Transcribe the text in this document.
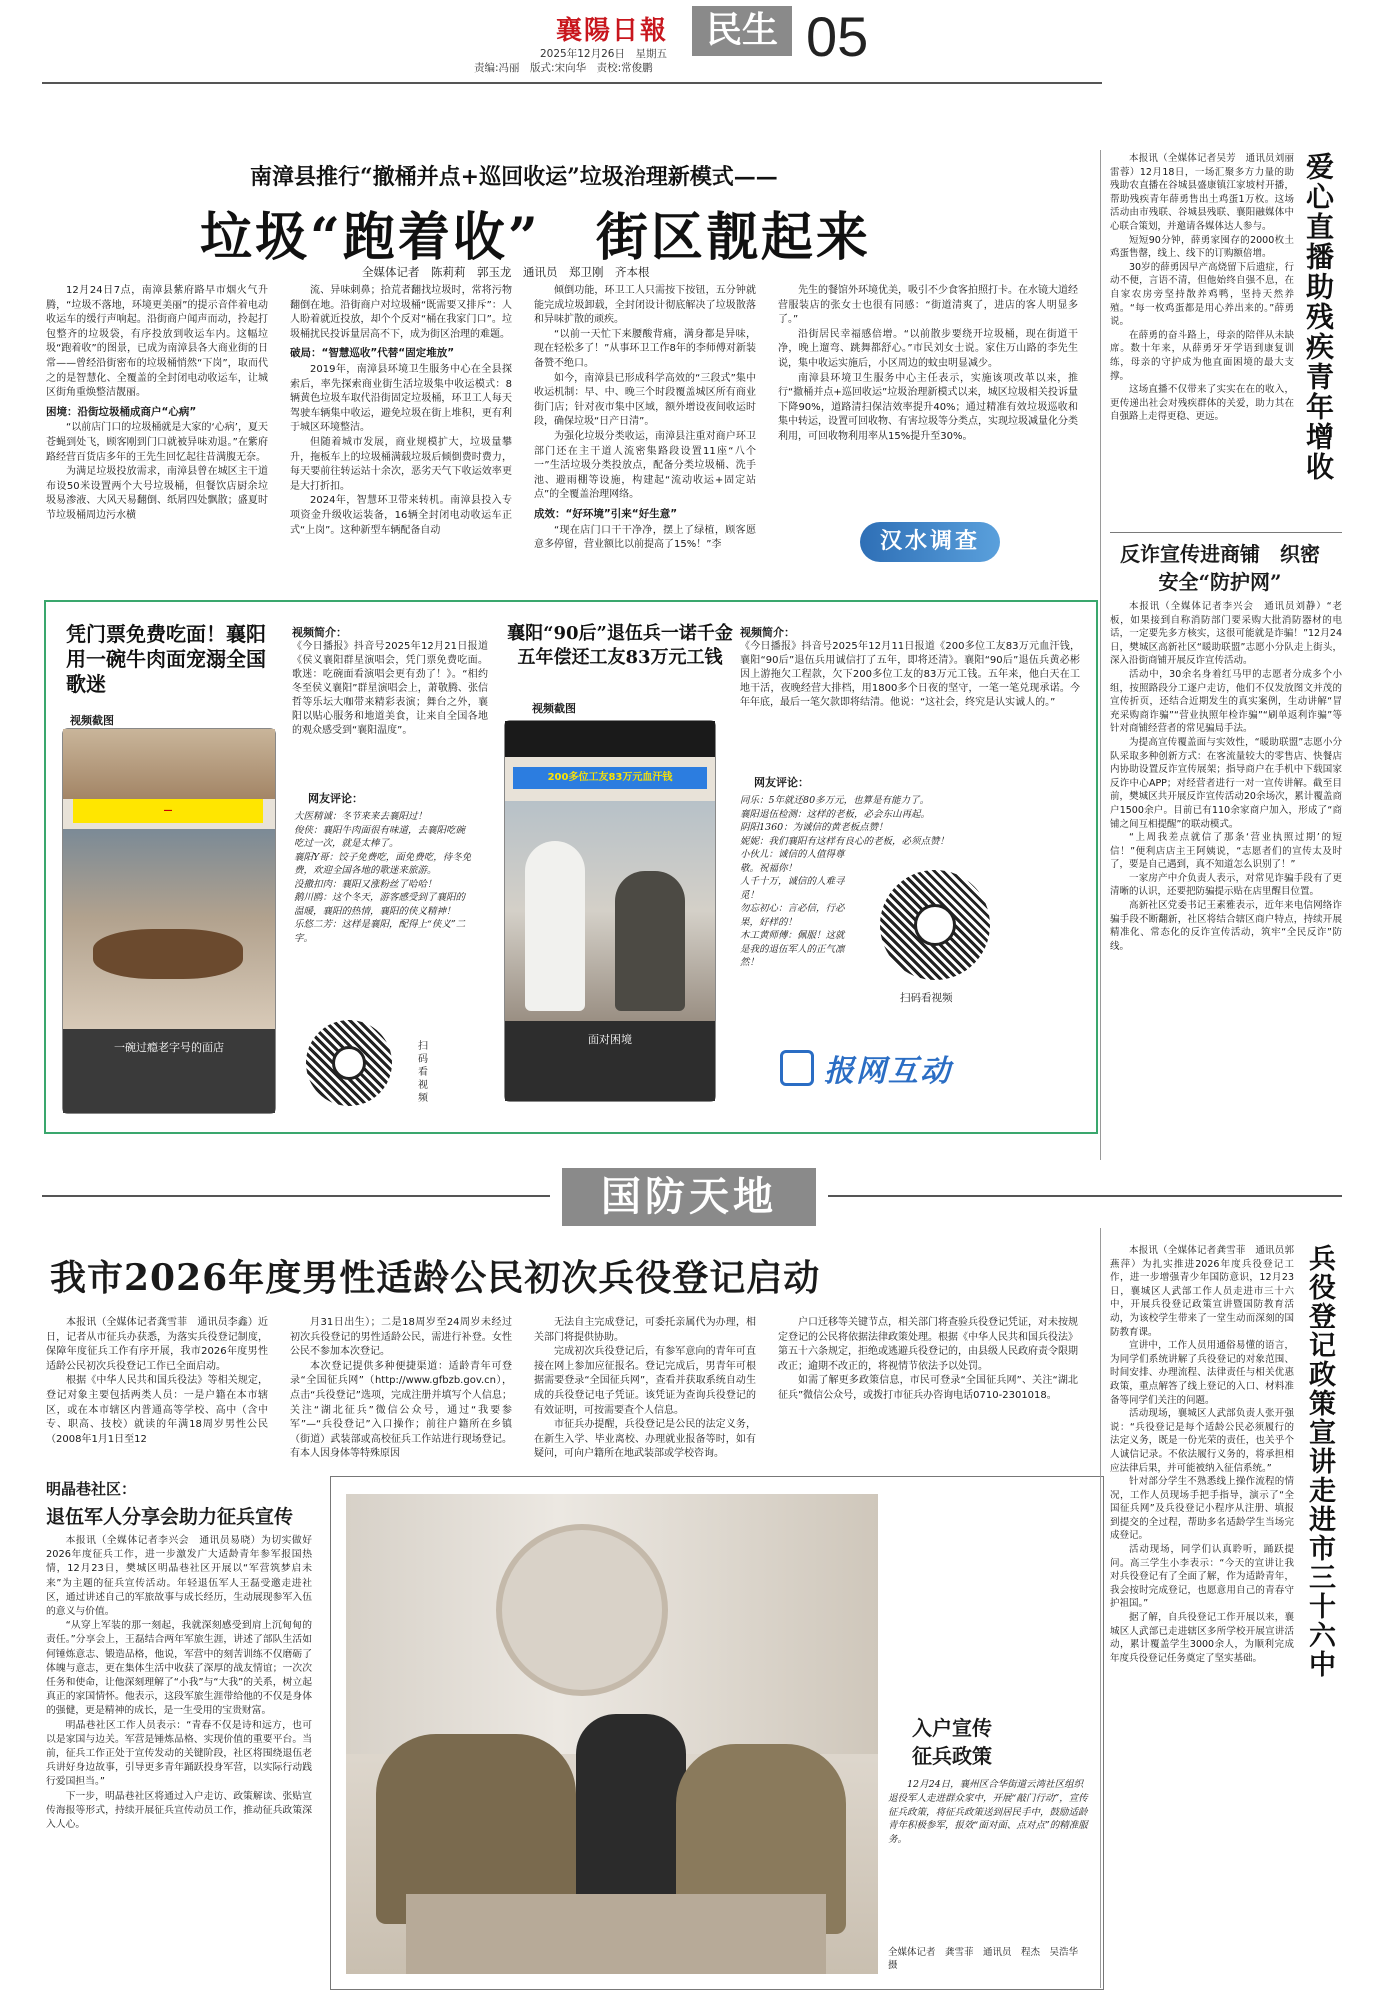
襄陽日報	民生 05
2025年12月26日　星期五
责编:冯丽　版式:宋向华　责校:常俊鹏
南漳县推行“撤桶并点+巡回收运”垃圾治理新模式——
垃圾“跑着收”　街区靓起来
全媒体记者　陈莉莉　郭玉龙　通讯员　郑卫刚　齐本根

12月24日7点，南漳县紫府路早市烟火气升腾，“垃圾不落地，环境更美丽”的提示音伴着电动收运车的缓行声响起。沿街商户闻声而动，拎起打包整齐的垃圾袋，有序投放到收运车内。这幅垃圾“跑着收”的图景，已成为南漳县各大商业街的日常——曾经沿街密布的垃圾桶悄然“下岗”，取而代之的是智慧化、全覆盖的全封闭电动收运车，让城区街角重焕整洁靓丽。

困境：沿街垃圾桶成商户“心病”

“以前店门口的垃圾桶就是大家的‘心病’，夏天苍蝇到处飞，顾客刚到门口就被异味劝退。”在紫府路经营百货店多年的王先生回忆起往昔满腹无奈。

为满足垃圾投放需求，南漳县曾在城区主干道布设50米设置两个大号垃圾桶，但餐饮店厨余垃圾易渗液、大风天易翻倒、纸屑四处飘散；盛夏时节垃圾桶周边污水横

流、异味刺鼻；拾荒者翻找垃圾时，常将污物翻倒在地。沿街商户对垃圾桶“既需要又排斥”：人人盼着就近投放，却个个反对“桶在我家门口”。垃圾桶扰民投诉量居高不下，成为街区治理的难题。

破局：“智慧巡收”代替“固定堆放”

2019年，南漳县环境卫生服务中心在全县探索后，率先探索商业街生活垃圾集中收运模式：8辆黄色垃圾车取代沿街固定垃圾桶，环卫工人每天驾驶车辆集中收运，避免垃圾在街上堆积，更有利于城区环境整洁。

但随着城市发展，商业规模扩大，垃圾量攀升，拖板车上的垃圾桶满载垃圾后倾倒费时费力，每天要前往转运站十余次，恶劣天气下收运效率更是大打折扣。

2024年，智慧环卫带来转机。南漳县投入专项资金升级收运装备，16辆全封闭电动收运车正式“上岗”。这种新型车辆配备自动

倾倒功能，环卫工人只需按下按钮，五分钟就能完成垃圾卸载，全封闭设计彻底解决了垃圾散落和异味扩散的顽疾。

“以前一天忙下来腰酸背痛，满身都是异味，现在轻松多了！”从事环卫工作8年的李师傅对新装备赞不绝口。

如今，南漳县已形成科学高效的“三段式”集中收运机制：早、中、晚三个时段覆盖城区所有商业街门店；针对夜市集中区域，额外增设夜间收运时段，确保垃圾“日产日清”。

为强化垃圾分类收运，南漳县注重对商户环卫部门还在主干道人流密集路段设置11座“八个一”生活垃圾分类投放点，配备分类垃圾桶、洗手池、避雨棚等设施，构建起“流动收运+固定站点”的全覆盖治理网络。

成效：“好环境”引来“好生意”

“现在店门口干干净净，摆上了绿植，顾客愿意多停留，营业额比以前提高了15%！”李

先生的餐馆外环境优美，吸引不少食客拍照打卡。在水镜大道经营服装店的张女士也很有同感：“街道清爽了，进店的客人明显多了。”

沿街居民幸福感倍增。“以前散步要绕开垃圾桶，现在街道干净，晚上遛弯、跳舞都舒心。”市民刘女士说。家住万山路的李先生说，集中收运实施后，小区周边的蚊虫明显减少。

南漳县环境卫生服务中心主任表示，实施该项改革以来，推行“撤桶并点+巡回收运”垃圾治理新模式以来，城区垃圾相关投诉量下降90%，道路清扫保洁效率提升40%；通过精准有效垃圾巡收和集中转运，设置可回收物、有害垃圾等分类点，实现垃圾减量化分类利用，可回收物利用率从15%提升至30%。

汉水调查
凭门票免费吃面！襄阳用一碗牛肉面宠溺全国歌迷
视频截图
—
一碗过瘾老字号的面店
视频简介：
《今日播报》抖音号2025年12月21日报道《侯义襄阳群星演唱会，凭门票免费吃面。歌迷：吃碗面看演唱会更有劲了！》。“相约冬至侯义襄阳”群星演唱会上，萧敬腾、张信哲等乐坛大咖带来精彩表演；舞台之外，襄阳以贴心服务和地道美食，让来自全国各地的观众感受到“襄阳温度”。
网友评论：
大医精诚：冬节来来去襄阳过！
俊侠：襄阳牛肉面很有味道，去襄阳吃碗吃过一次，就是太棒了。
襄阳Y哥：饺子免费吃，面免费吃，待冬免费，欢迎全国各地的歌迷来旅游。
没撒扣肉：襄阳又涨粉丝了哈哈！
鹅川鸥：这个冬天，游客感受到了襄阳的温暖，襄阳的热情，襄阳的侠义精神！
乐悠二芳：这样是襄阳，配得上“侠义”二字。
扫码看视频
襄阳“90后”退伍兵一诺千金五年偿还工友83万元工钱
视频截图
200多位工友83万元血汗钱
面对困境
视频简介：
《今日播报》抖音号2025年12月11日报道《200多位工友83万元血汗钱，襄阳“90后”退伍兵用诚信打了五年，即将还清》。襄阳“90后”退伍兵黄必彬因上游拖欠工程款，欠下200多位工友的83万元工钱。五年来，他白天在工地干活，夜晚经营大排档，用1800多个日夜的坚守，一笔一笔兑现承诺。今年年底，最后一笔欠款即将结清。他说：“这社会，终究是认实诚人的。”
网友评论：
同乐：5年就还80多万元，也算是有能力了。
襄阳退伍检测：这样的老板，必会东山再起。
阴阳1360：为诚信的黄老板点赞！
妮妮：我们襄阳有这样有良心的老板，必须点赞！
小伙儿：诚信的人值得尊敬。祝福你！
人千十万，诚信的人难寻觅！
勿忘初心：言必信，行必果，好样的！
木工黄师傅：佩服！这就是我的退伍军人的正气凛然！
扫码看视频
报网互动
爱心直播助残疾青年增收

本报讯（全媒体记者吴芳　通讯员刘丽　雷蓉）12月18日，一场汇聚多方力量的助残助农直播在谷城县盛康镇江家坡村开播，帮助残疾青年薛勇售出土鸡蛋1万枚。这场活动由市残联、谷城县残联、襄阳融媒体中心联合策划，并邀请各媒体达人参与。

短短90分钟，薛勇家囤存的2000枚土鸡蛋售罄，线上、线下的订购额倍增。

30岁的薛勇因早产高烧留下后遗症，行动不便，言语不清，但他始终自强不息，在自家农房旁坚持散养鸡鸭，坚持天然养殖。“每一枚鸡蛋都是用心养出来的。”薛勇说。

在薛勇的奋斗路上，母亲的陪伴从未缺席。数十年来，从薛勇牙牙学语到康复训练，母亲的守护成为他直面困境的最大支撑。

这场直播不仅带来了实实在在的收入，更传递出社会对残疾群体的关爱，助力其在自强路上走得更稳、更远。

反诈宣传进商铺　织密安全“防护网”

本报讯（全媒体记者李兴会　通讯员刘静）“老板，如果接到自称消防部门要采购大批消防器材的电话，一定要先多方核实，这很可能就是诈骗！”12月24日，樊城区高新社区“暖助联盟”志愿小分队走上街头，深入沿街商铺开展反诈宣传活动。

活动中，30余名身着红马甲的志愿者分成多个小组，按照路段分工逐户走访，他们不仅发放图文并茂的宣传折页，还结合近期发生的真实案例，生动讲解“冒充采购商诈骗”“营业执照年检诈骗”“刷单返利诈骗”等针对商铺经营者的常见骗局手法。

为提高宣传覆盖面与实效性，“暖助联盟”志愿小分队采取多种创新方式：在客流量较大的零售店、快餐店内协助设置反诈宣传展架；指导商户在手机中下载国家反诈中心APP；对经营者进行一对一宣传讲解。截至目前，樊城区共开展反诈宣传活动20余场次，累计覆盖商户1500余户。目前已有110余家商户加入，形成了“商铺之间互相提醒”的联动模式。

“上周我差点就信了那条‘营业执照过期’的短信！”便利店店主王阿姨说，“志愿者们的宣传太及时了，要是自己遇到，真不知道怎么识别了！”

一家房产中介负责人表示，对常见诈骗手段有了更清晰的认识，还要把防骗提示贴在店里醒目位置。

高新社区党委书记王素雅表示，近年来电信网络诈骗手段不断翻新，社区将结合辖区商户特点，持续开展精准化、常态化的反诈宣传活动，筑牢“全民反诈”防线。

国防天地
我市2026年度男性适龄公民初次兵役登记启动

本报讯（全媒体记者龚雪菲　通讯员李鑫）近日，记者从市征兵办获悉，为落实兵役登记制度，保障年度征兵工作有序开展，我市2026年度男性适龄公民初次兵役登记工作已全面启动。

根据《中华人民共和国兵役法》等相关规定，登记对象主要包括两类人员：一是户籍在本市辖区，或在本市辖区内普通高等学校、高中（含中专、职高、技校）就读的年满18周岁男性公民（2008年1月1日至12

月31日出生）；二是18周岁至24周岁未经过初次兵役登记的男性适龄公民，需进行补登。女性公民不参加本次登记。

本次登记提供多种便捷渠道：适龄青年可登录“全国征兵网”（http://www.gfbzb.gov.cn），点击“兵役登记”选项，完成注册并填写个人信息；关注“湖北征兵”微信公众号，通过“我要参军”—“兵役登记”入口操作；前往户籍所在乡镇（街道）武装部或高校征兵工作站进行现场登记。有本人因身体等特殊原因

无法自主完成登记，可委托亲属代为办理，相关部门将提供协助。

完成初次兵役登记后，有参军意向的青年可直接在网上参加应征报名。登记完成后，男青年可根据需要登录“全国征兵网”，查看并获取系统自动生成的兵役登记电子凭证。该凭证为查询兵役登记的有效证明，可按需要查个人信息。

市征兵办提醒，兵役登记是公民的法定义务，在新生入学、毕业离校、办理就业报备等时，如有疑问，可向户籍所在地武装部或学校咨询。

户口迁移等关键节点，相关部门将查验兵役登记凭证，对未按规定登记的公民将依据法律政策处理。根据《中华人民共和国兵役法》第五十六条规定，拒绝或逃避兵役登记的，由县级人民政府责令限期改正；逾期不改正的，将视情节依法予以处罚。

如需了解更多政策信息，市民可登录“全国征兵网”、关注“湖北征兵”微信公众号，或拨打市征兵办咨询电话0710-2301018。

明晶巷社区：
退伍军人分享会助力征兵宣传

本报讯（全媒体记者李兴会　通讯员易晓）为切实做好2026年度征兵工作，进一步激发广大适龄青年参军报国热情，12月23日，樊城区明晶巷社区开展以“军营筑梦启未来”为主题的征兵宣传活动。年轻退伍军人王磊受邀走进社区，通过讲述自己的军旅故事与成长经历，生动展现参军入伍的意义与价值。

“从穿上军装的那一刻起，我就深刻感受到肩上沉甸甸的责任。”分享会上，王磊结合两年军旅生涯，讲述了部队生活如何锤炼意志、锻造品格，他说，军营中的刻苦训练不仅磨砺了体魄与意志，更在集体生活中收获了深厚的战友情谊；一次次任务和使命，让他深刻理解了“小我”与“大我”的关系，树立起真正的家国情怀。他表示，这段军旅生涯带给他的不仅是身体的强健，更是精神的成长，是一生受用的宝贵财富。

明晶巷社区工作人员表示：“青春不仅是诗和远方，也可以是家国与边关。军营是锤炼品格、实现价值的重要平台。当前，征兵工作正处于宣传发动的关键阶段，社区将围绕退伍老兵讲好身边故事，引导更多青年踊跃投身军营，以实际行动践行爱国担当。”

下一步，明晶巷社区将通过入户走访、政策解读、张贴宣传海报等形式，持续开展征兵宣传动员工作，推动征兵政策深入人心。

入户宣传
征兵政策
12月24日，襄州区合华街道云湾社区组织退役军人走进群众家中，开展“敲门行动”，宣传征兵政策，将征兵政策送到居民手中，鼓励适龄青年积极参军，报效“面对面、点对点”的精准服务。
全媒体记者　龚雪菲　通讯员　程杰　吴浩华　摄
兵役登记政策宣讲走进市三十六中

本报讯（全媒体记者龚雪菲　通讯员郭燕萍）为扎实推进2026年度兵役登记工作，进一步增强青少年国防意识，12月23日，襄城区人武部工作人员走进市三十六中，开展兵役登记政策宣讲暨国防教育活动，为该校学生带来了一堂生动而深刻的国防教育课。

宣讲中，工作人员用通俗易懂的语言，为同学们系统讲解了兵役登记的对象范围、时间安排、办理流程、法律责任与相关优惠政策，重点解答了线上登记的入口、材料准备等同学们关注的问题。

活动现场，襄城区人武部负责人张开强说：“兵役登记是每个适龄公民必须履行的法定义务，既是一份光荣的责任，也关乎个人诚信记录。不依法履行义务的，将承担相应法律后果，并可能被纳入征信系统。”

针对部分学生不熟悉线上操作流程的情况，工作人员现场手把手指导，演示了“全国征兵网”及兵役登记小程序从注册、填报到提交的全过程，帮助多名适龄学生当场完成登记。

活动现场，同学们认真聆听，踊跃提问。高三学生小李表示：“今天的宣讲让我对兵役登记有了全面了解，作为适龄青年，我会按时完成登记，也愿意用自己的青春守护祖国。”

据了解，自兵役登记工作开展以来，襄城区人武部已走进辖区多所学校开展宣讲活动，累计覆盖学生3000余人，为顺利完成年度兵役登记任务奠定了坚实基础。
